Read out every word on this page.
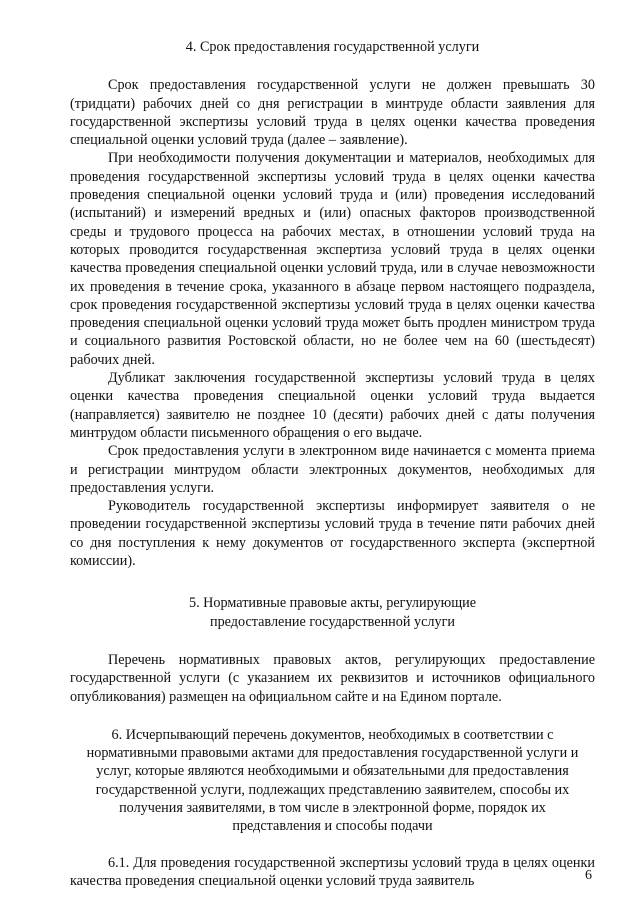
4. Срок предоставления государственной услуги

Срок предоставления государственной услуги не должен превышать 30 (тридцати) рабочих дней со дня регистрации в минтруде области заявления для государственной экспертизы условий труда в целях оценки качества проведения специальной оценки условий труда (далее – заявление).

При необходимости получения документации и материалов, необходимых для проведения государственной экспертизы условий труда в целях оценки качества проведения специальной оценки условий труда и (или) проведения исследований (испытаний) и измерений вредных и (или) опасных факторов производственной среды и трудового процесса на рабочих местах, в отношении условий труда на которых проводится государственная экспертиза условий труда в целях оценки качества проведения специальной оценки условий труда, или в случае невозможности их проведения в течение срока, указанного в абзаце первом настоящего подраздела, срок проведения государственной экспертизы условий труда в целях оценки качества проведения специальной оценки условий труда может быть продлен министром труда и социального развития Ростовской области, но не более чем на 60 (шестьдесят) рабочих дней.

Дубликат заключения государственной экспертизы условий труда в целях оценки качества проведения специальной оценки условий труда выдается (направляется) заявителю не позднее 10 (десяти) рабочих дней с даты получения минтрудом области письменного обращения о его выдаче.

Срок предоставления услуги в электронном виде начинается с момента приема и регистрации минтрудом области электронных документов, необходимых для предоставления услуги.

Руководитель государственной экспертизы информирует заявителя о не проведении государственной экспертизы условий труда в течение пяти рабочих дней со дня поступления к нему документов от государственного эксперта (экспертной комиссии).

5. Нормативные правовые акты, регулирующие
предоставление государственной услуги

Перечень нормативных правовых актов, регулирующих предоставление государственной услуги (с указанием их реквизитов и источников официального опубликования) размещен на официальном сайте и на Едином портале.

6. Исчерпывающий перечень документов, необходимых в соответствии с нормативными правовыми актами для предоставления государственной услуги и услуг, которые являются необходимыми и обязательными для предоставления государственной услуги, подлежащих представлению заявителем, способы их получения заявителями, в том числе в электронной форме, порядок их представления и способы подачи

6.1. Для проведения государственной экспертизы условий труда в целях оценки качества проведения специальной оценки условий труда заявитель	6
